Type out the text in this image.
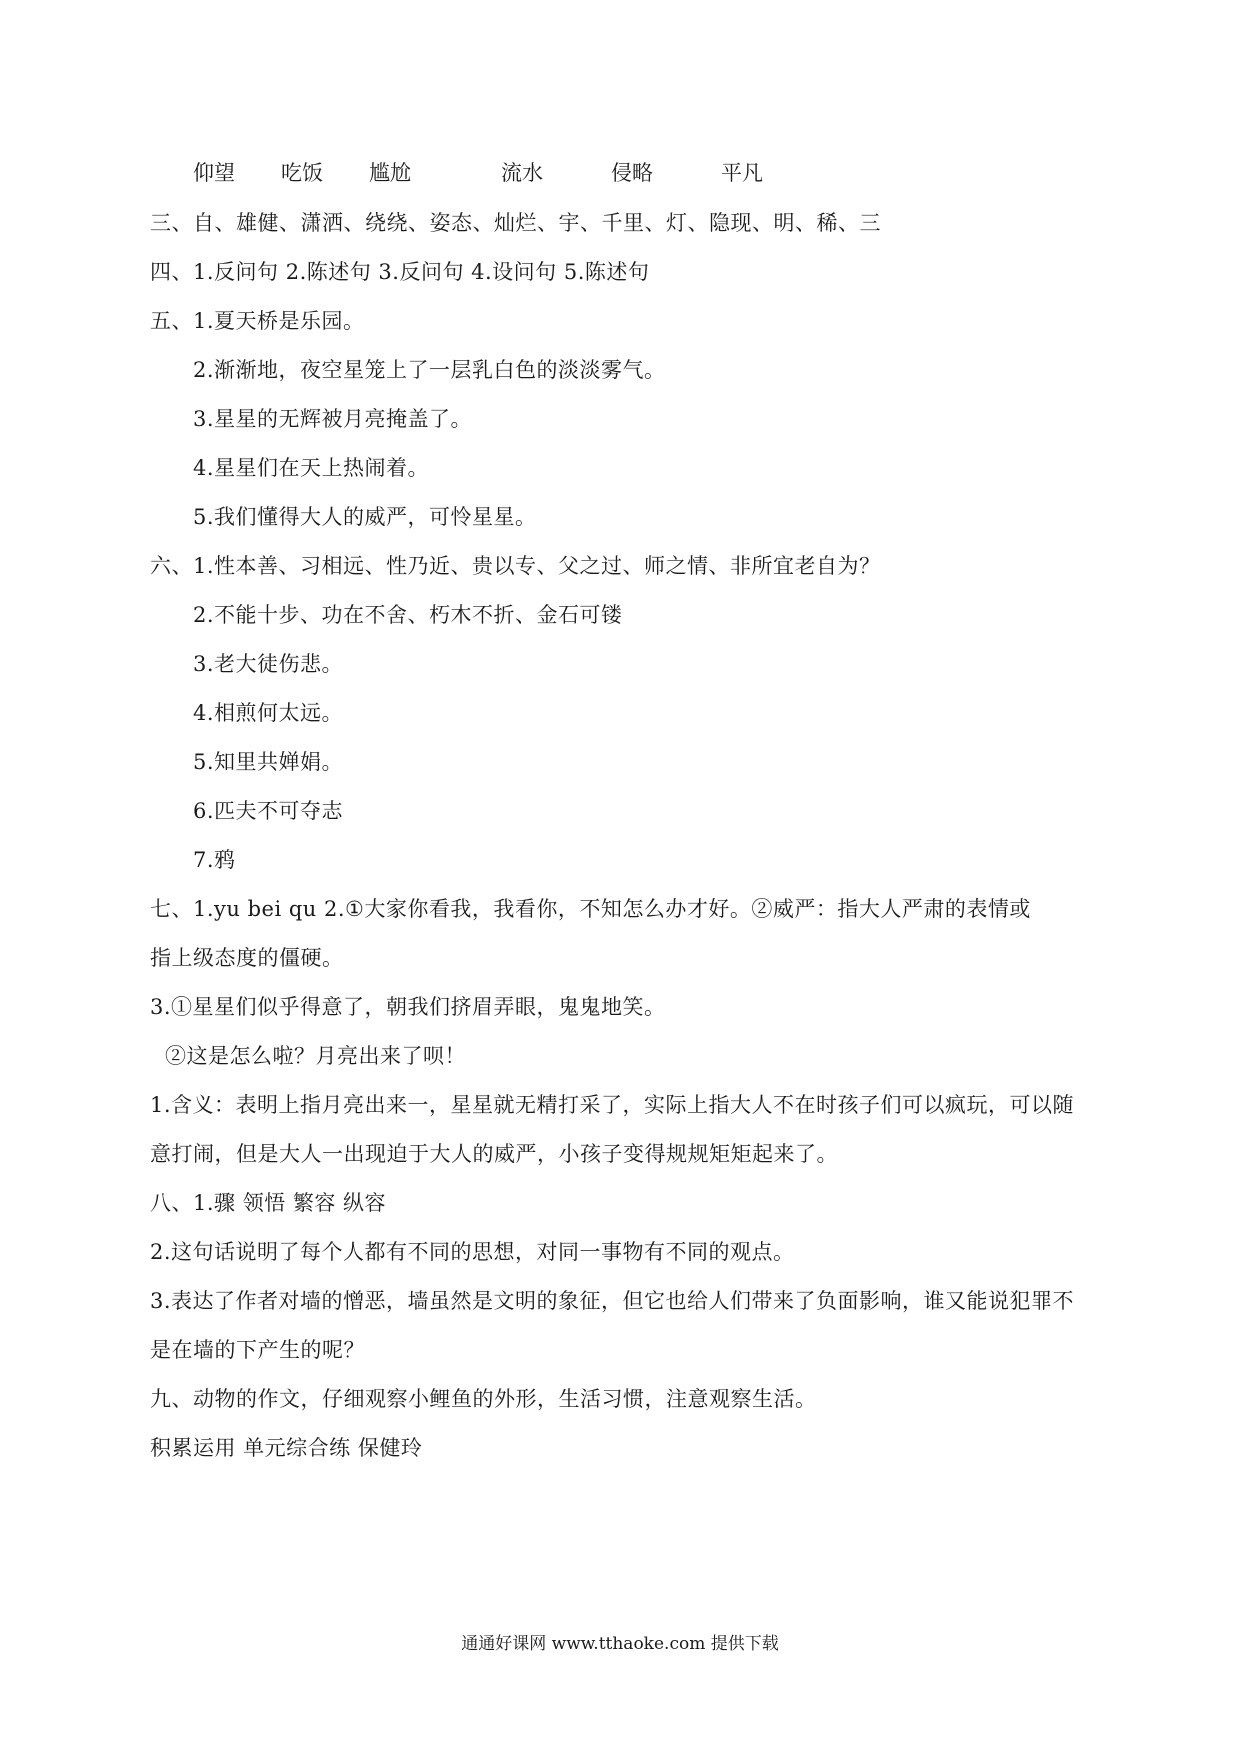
仰望 吃饭 尴尬	流水	侵略	平凡
三、自、雄健、潇洒、绕绕、姿态、灿烂、宇、千里、灯、隐现、明、稀、三
四、1.反问句 2.陈述句 3.反问句 4.设问句 5.陈述句
五、1.夏天桥是乐园。
2.渐渐地，夜空星笼上了一层乳白色的淡淡雾气。
3.星星的无辉被月亮掩盖了。
4.星星们在天上热闹着。
5.我们懂得大人的威严，可怜星星。
六、1.性本善、习相远、性乃近、贵以专、父之过、师之情、非所宜老自为？
2.不能十步、功在不舍、朽木不折、金石可镂
3.老大徒伤悲。
4.相煎何太远。
5.知里共婵娟。
6.匹夫不可夺志
7.鸦
七、1.yu bei qu 2.①大家你看我，我看你，不知怎么办才好。②威严：指大人严肃的表情或
指上级态度的僵硬。
3.①星星们似乎得意了，朝我们挤眉弄眼，鬼鬼地笑。
②这是怎么啦？月亮出来了呗！
1.含义：表明上指月亮出来一，星星就无精打采了，实际上指大人不在时孩子们可以疯玩，可以随
意打闹，但是大人一出现迫于大人的威严，小孩子变得规规矩矩起来了。
八、1.骤 领悟 繁容 纵容
2.这句话说明了每个人都有不同的思想，对同一事物有不同的观点。
3.表达了作者对墙的憎恶，墙虽然是文明的象征，但它也给人们带来了负面影响，谁又能说犯罪不
是在墙的下产生的呢？
九、动物的作文，仔细观察小鲤鱼的外形，生活习惯，注意观察生活。
积累运用 单元综合练 保健玲
通通好课网 www.tthaoke.com 提供下载
